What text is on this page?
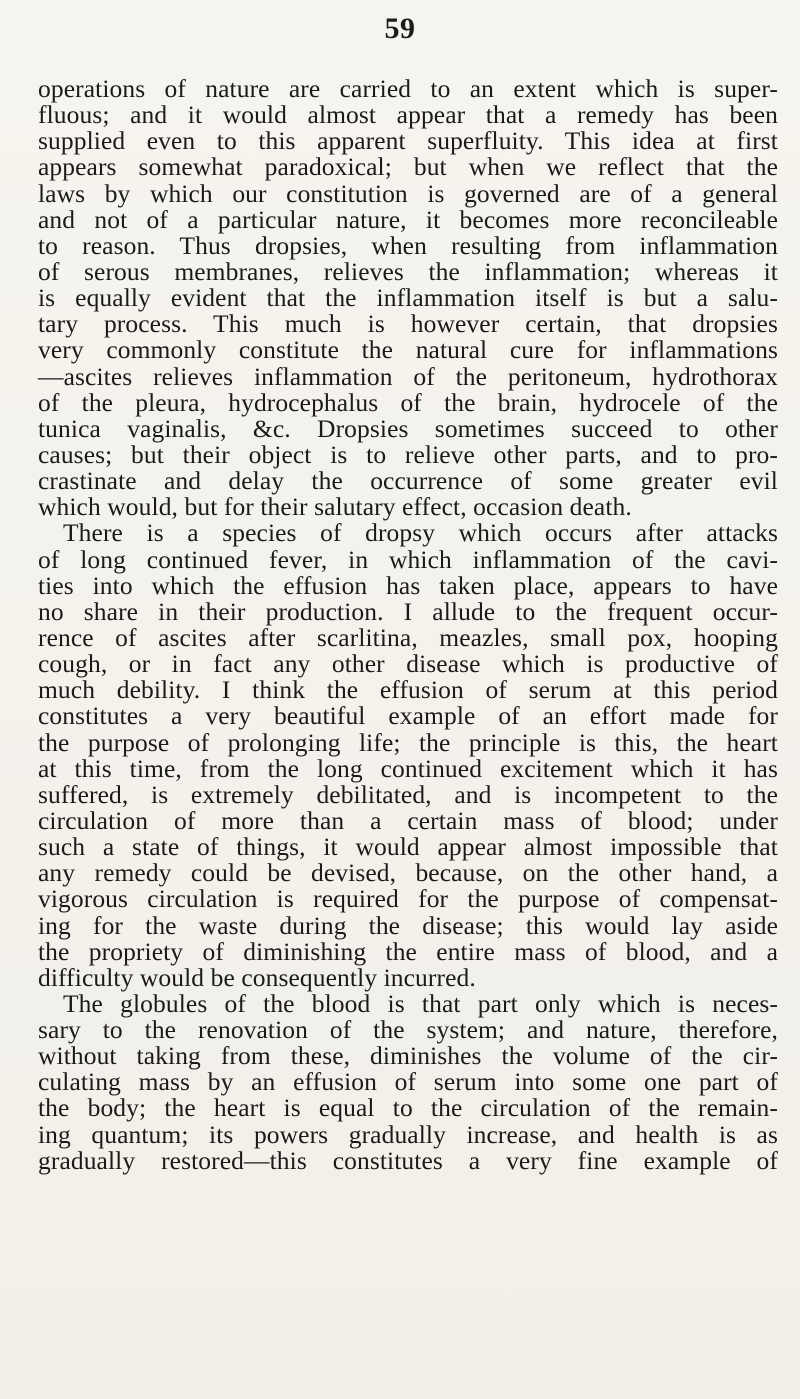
59
operations of nature are carried to an extent which is super-
fluous; and it would almost appear that a remedy has been
supplied even to this apparent superfluity. This idea at first
appears somewhat paradoxical; but when we reflect that the
laws by which our constitution is governed are of a general
and not of a particular nature, it becomes more reconcileable
to reason. Thus dropsies, when resulting from inflammation
of serous membranes, relieves the inflammation; whereas it
is equally evident that the inflammation itself is but a salu-
tary process. This much is however certain, that dropsies
very commonly constitute the natural cure for inflammations
—ascites relieves inflammation of the peritoneum, hydrothorax
of the pleura, hydrocephalus of the brain, hydrocele of the
tunica vaginalis, &c. Dropsies sometimes succeed to other
causes; but their object is to relieve other parts, and to pro-
crastinate and delay the occurrence of some greater evil
which would, but for their salutary effect, occasion death.
There is a species of dropsy which occurs after attacks
of long continued fever, in which inflammation of the cavi-
ties into which the effusion has taken place, appears to have
no share in their production. I allude to the frequent occur-
rence of ascites after scarlitina, meazles, small pox, hooping
cough, or in fact any other disease which is productive of
much debility. I think the effusion of serum at this period
constitutes a very beautiful example of an effort made for
the purpose of prolonging life; the principle is this, the heart
at this time, from the long continued excitement which it has
suffered, is extremely debilitated, and is incompetent to the
circulation of more than a certain mass of blood; under
such a state of things, it would appear almost impossible that
any remedy could be devised, because, on the other hand, a
vigorous circulation is required for the purpose of compensat-
ing for the waste during the disease; this would lay aside
the propriety of diminishing the entire mass of blood, and a
difficulty would be consequently incurred.
The globules of the blood is that part only which is neces-
sary to the renovation of the system; and nature, therefore,
without taking from these, diminishes the volume of the cir-
culating mass by an effusion of serum into some one part of
the body; the heart is equal to the circulation of the remain-
ing quantum; its powers gradually increase, and health is as
gradually restored—this constitutes a very fine example of
